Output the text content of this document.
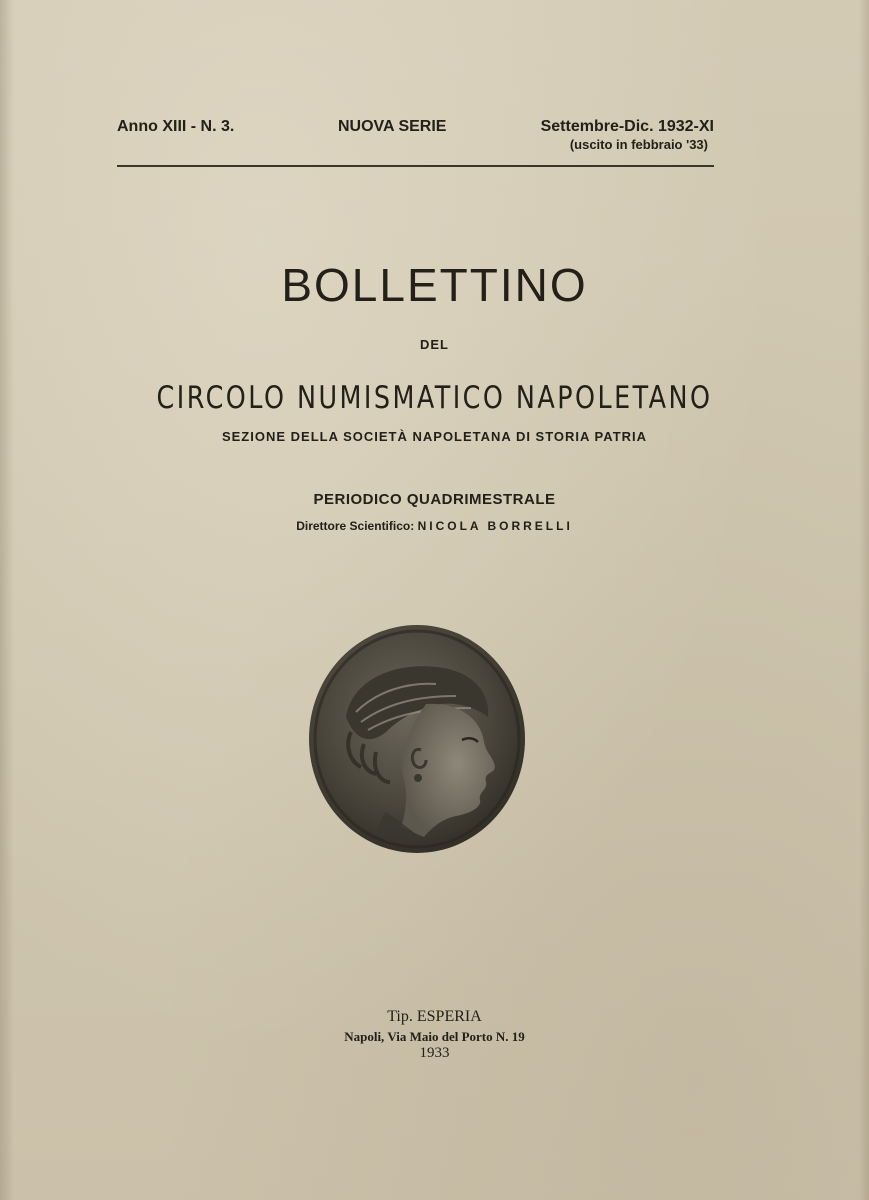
Anno XIII - N. 3.	NUOVA SERIE	Settembre-Dic. 1932-XI
(uscito in febbraio '33)
BOLLETTINO
DEL
CIRCOLO NUMISMATICO NAPOLETANO
SEZIONE DELLA SOCIETÀ NAPOLETANA DI STORIA PATRIA
PERIODICO QUADRIMESTRALE
Direttore Scientifico: NICOLA BORRELLI
Tip. ESPERIA
Napoli, Via Maio del Porto N. 19
1933
